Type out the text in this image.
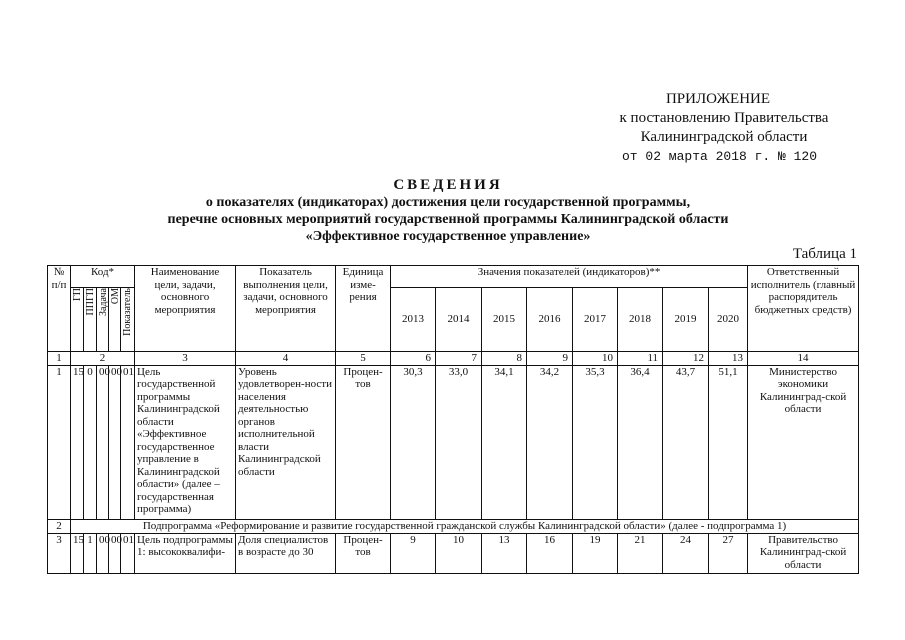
ПРИЛОЖЕНИЕ
к постановлению Правительства
Калининградской области
от 02 марта 2018 г. № 120
СВЕДЕНИЯ
о показателях (индикаторах) достижения цели государственной программы,
перечне основных мероприятий государственной программы Калининградской области
«Эффективное государственное управление»
Таблица 1
№ п/п	Код*					Наименование цели, задачи, основного мероприятия	Показатель выполнения цели, задачи, основного мероприятия	Единица изме-рения	Значения показателей (индикаторов)**								Ответственный исполнитель (главный распорядитель бюджетных средств)
	ГП	ППГП	Задача	ОМ	Показатель				2013	2014	2015	2016	2017	2018	2019	2020	
1	2					3	4	5	6	7	8	9	10	11	12	13	14
1	15	0	00	00	01	Цель государственной программы Калининградской области «Эффективное государственное управление в Калининградской области» (далее – государственная программа)	Уровень удовлетворен-ности населения деятельностью органов исполнительной власти Калининградской области	Процен-тов	30,3	33,0	34,1	34,2	35,3	36,4	43,7	51,1	Министерство экономики Калининград-ской области
2	Подпрограмма «Реформирование и развитие государственной гражданской службы Калининградской области» (далее - подпрограмма 1)																
3	15	1	00	00	01	Цель подпрограммы 1: высококвалифи-	Доля специалистов в возрасте до 30	Процен-тов	9	10	13	16	19	21	24	27	Правительство Калининград-ской области
